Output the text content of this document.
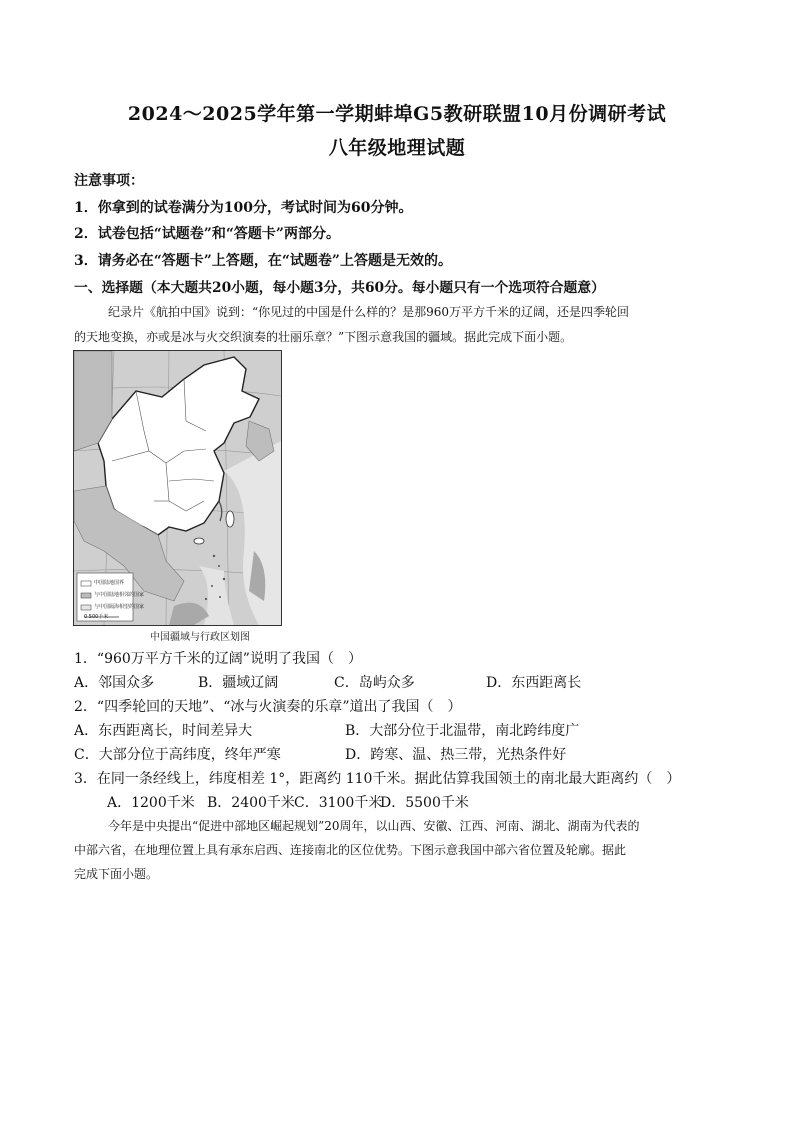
2024～2025学年第一学期蚌埠G5教研联盟10月份调研考试
八年级地理试题
注意事项：
1．你拿到的试卷满分为100分，考试时间为60分钟。
2．试卷包括“试题卷”和“答题卡”两部分。
3．请务必在“答题卡”上答题，在“试题卷”上答题是无效的。
一、选择题（本大题共20小题，每小题3分，共60分。每小题只有一个选项符合题意）
纪录片《航拍中国》说到：“你见过的中国是什么样的？是那960万平方千米的辽阔，还是四季轮回
的天地变换，亦或是冰与火交织演奏的壮丽乐章？”下图示意我国的疆域。据此完成下面小题。
中国陆地国界
与中国陆地相邻的国家
与中国隔海相望的国家
0 500千米
中国疆域与行政区划图
1．“960万平方千米的辽阔”说明了我国（　）
A．邻国众多	B．疆域辽阔	C．岛屿众多	D．东西距离长
2．“四季轮回的天地”、“冰与火演奏的乐章”道出了我国（　）
A．东西距离长，时间差异大	B．大部分位于北温带，南北跨纬度广
C．大部分位于高纬度，终年严寒	D．跨寒、温、热三带，光热条件好
3．在同一条经线上，纬度相差 1°，距离约 110千米。据此估算我国领土的南北最大距离约（　）
A．1200千米 B．2400千米 C．3100千米
D．5500千米
今年是中央提出“促进中部地区崛起规划”20周年，以山西、安徽、江西、河南、湖北、湖南为代表的
中部六省，在地理位置上具有承东启西、连接南北的区位优势。下图示意我国中部六省位置及轮廓。据此
完成下面小题。
